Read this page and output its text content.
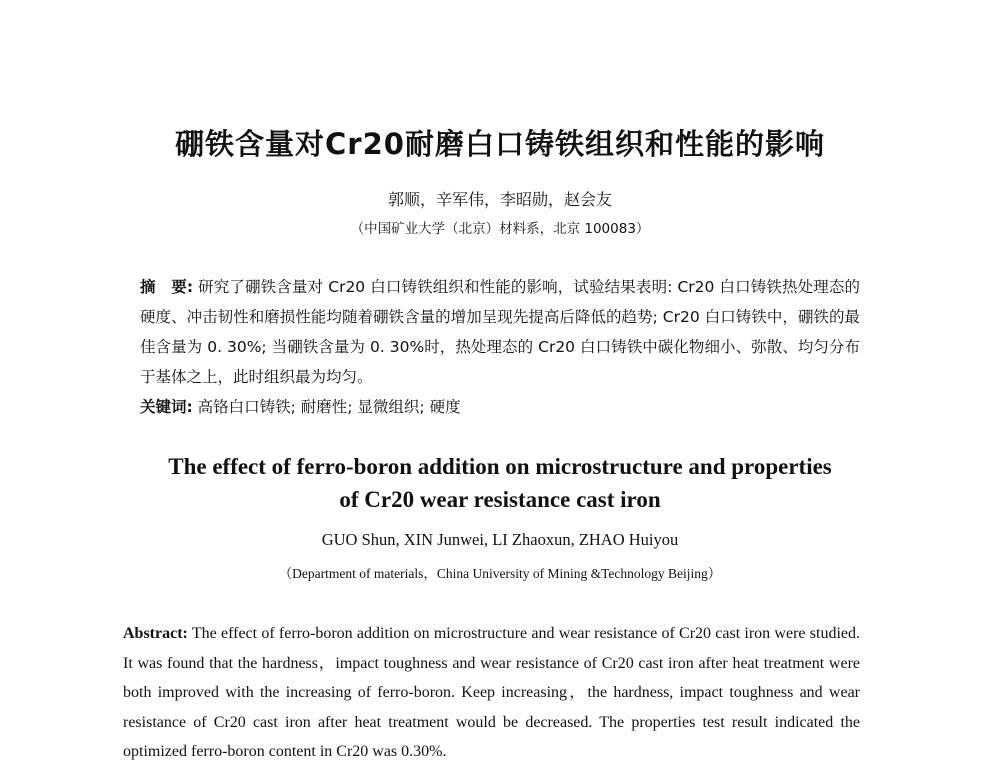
硼铁含量对Cr20耐磨白口铸铁组织和性能的影响
郭顺，辛军伟，李昭勋，赵会友
（中国矿业大学（北京）材料系，北京 100083）
摘　要: 研究了硼铁含量对 Cr20 白口铸铁组织和性能的影响，试验结果表明: Cr20 白口铸铁热处理态的硬度、冲击韧性和磨损性能均随着硼铁含量的增加呈现先提高后降低的趋势; Cr20 白口铸铁中，硼铁的最佳含量为 0. 30%; 当硼铁含量为 0. 30%时，热处理态的 Cr20 白口铸铁中碳化物细小、弥散、均匀分布于基体之上，此时组织最为均匀。
关键词: 高铬白口铸铁; 耐磨性; 显微组织; 硬度
The effect of ferro-boron addition on microstructure and properties
of Cr20 wear resistance cast iron
GUO Shun, XIN Junwei, LI Zhaoxun, ZHAO Huiyou
（Department of materials，China University of Mining &Technology Beijing）
Abstract: The effect of ferro-boron addition on microstructure and wear resistance of Cr20 cast iron were studied. It was found that the hardness，impact toughness and wear resistance of Cr20 cast iron after heat treatment were both improved with the increasing of ferro-boron. Keep increasing，the hardness, impact toughness and wear resistance of Cr20 cast iron after heat treatment would be decreased. The properties test result indicated the optimized ferro-boron content in Cr20 was 0.30%.
